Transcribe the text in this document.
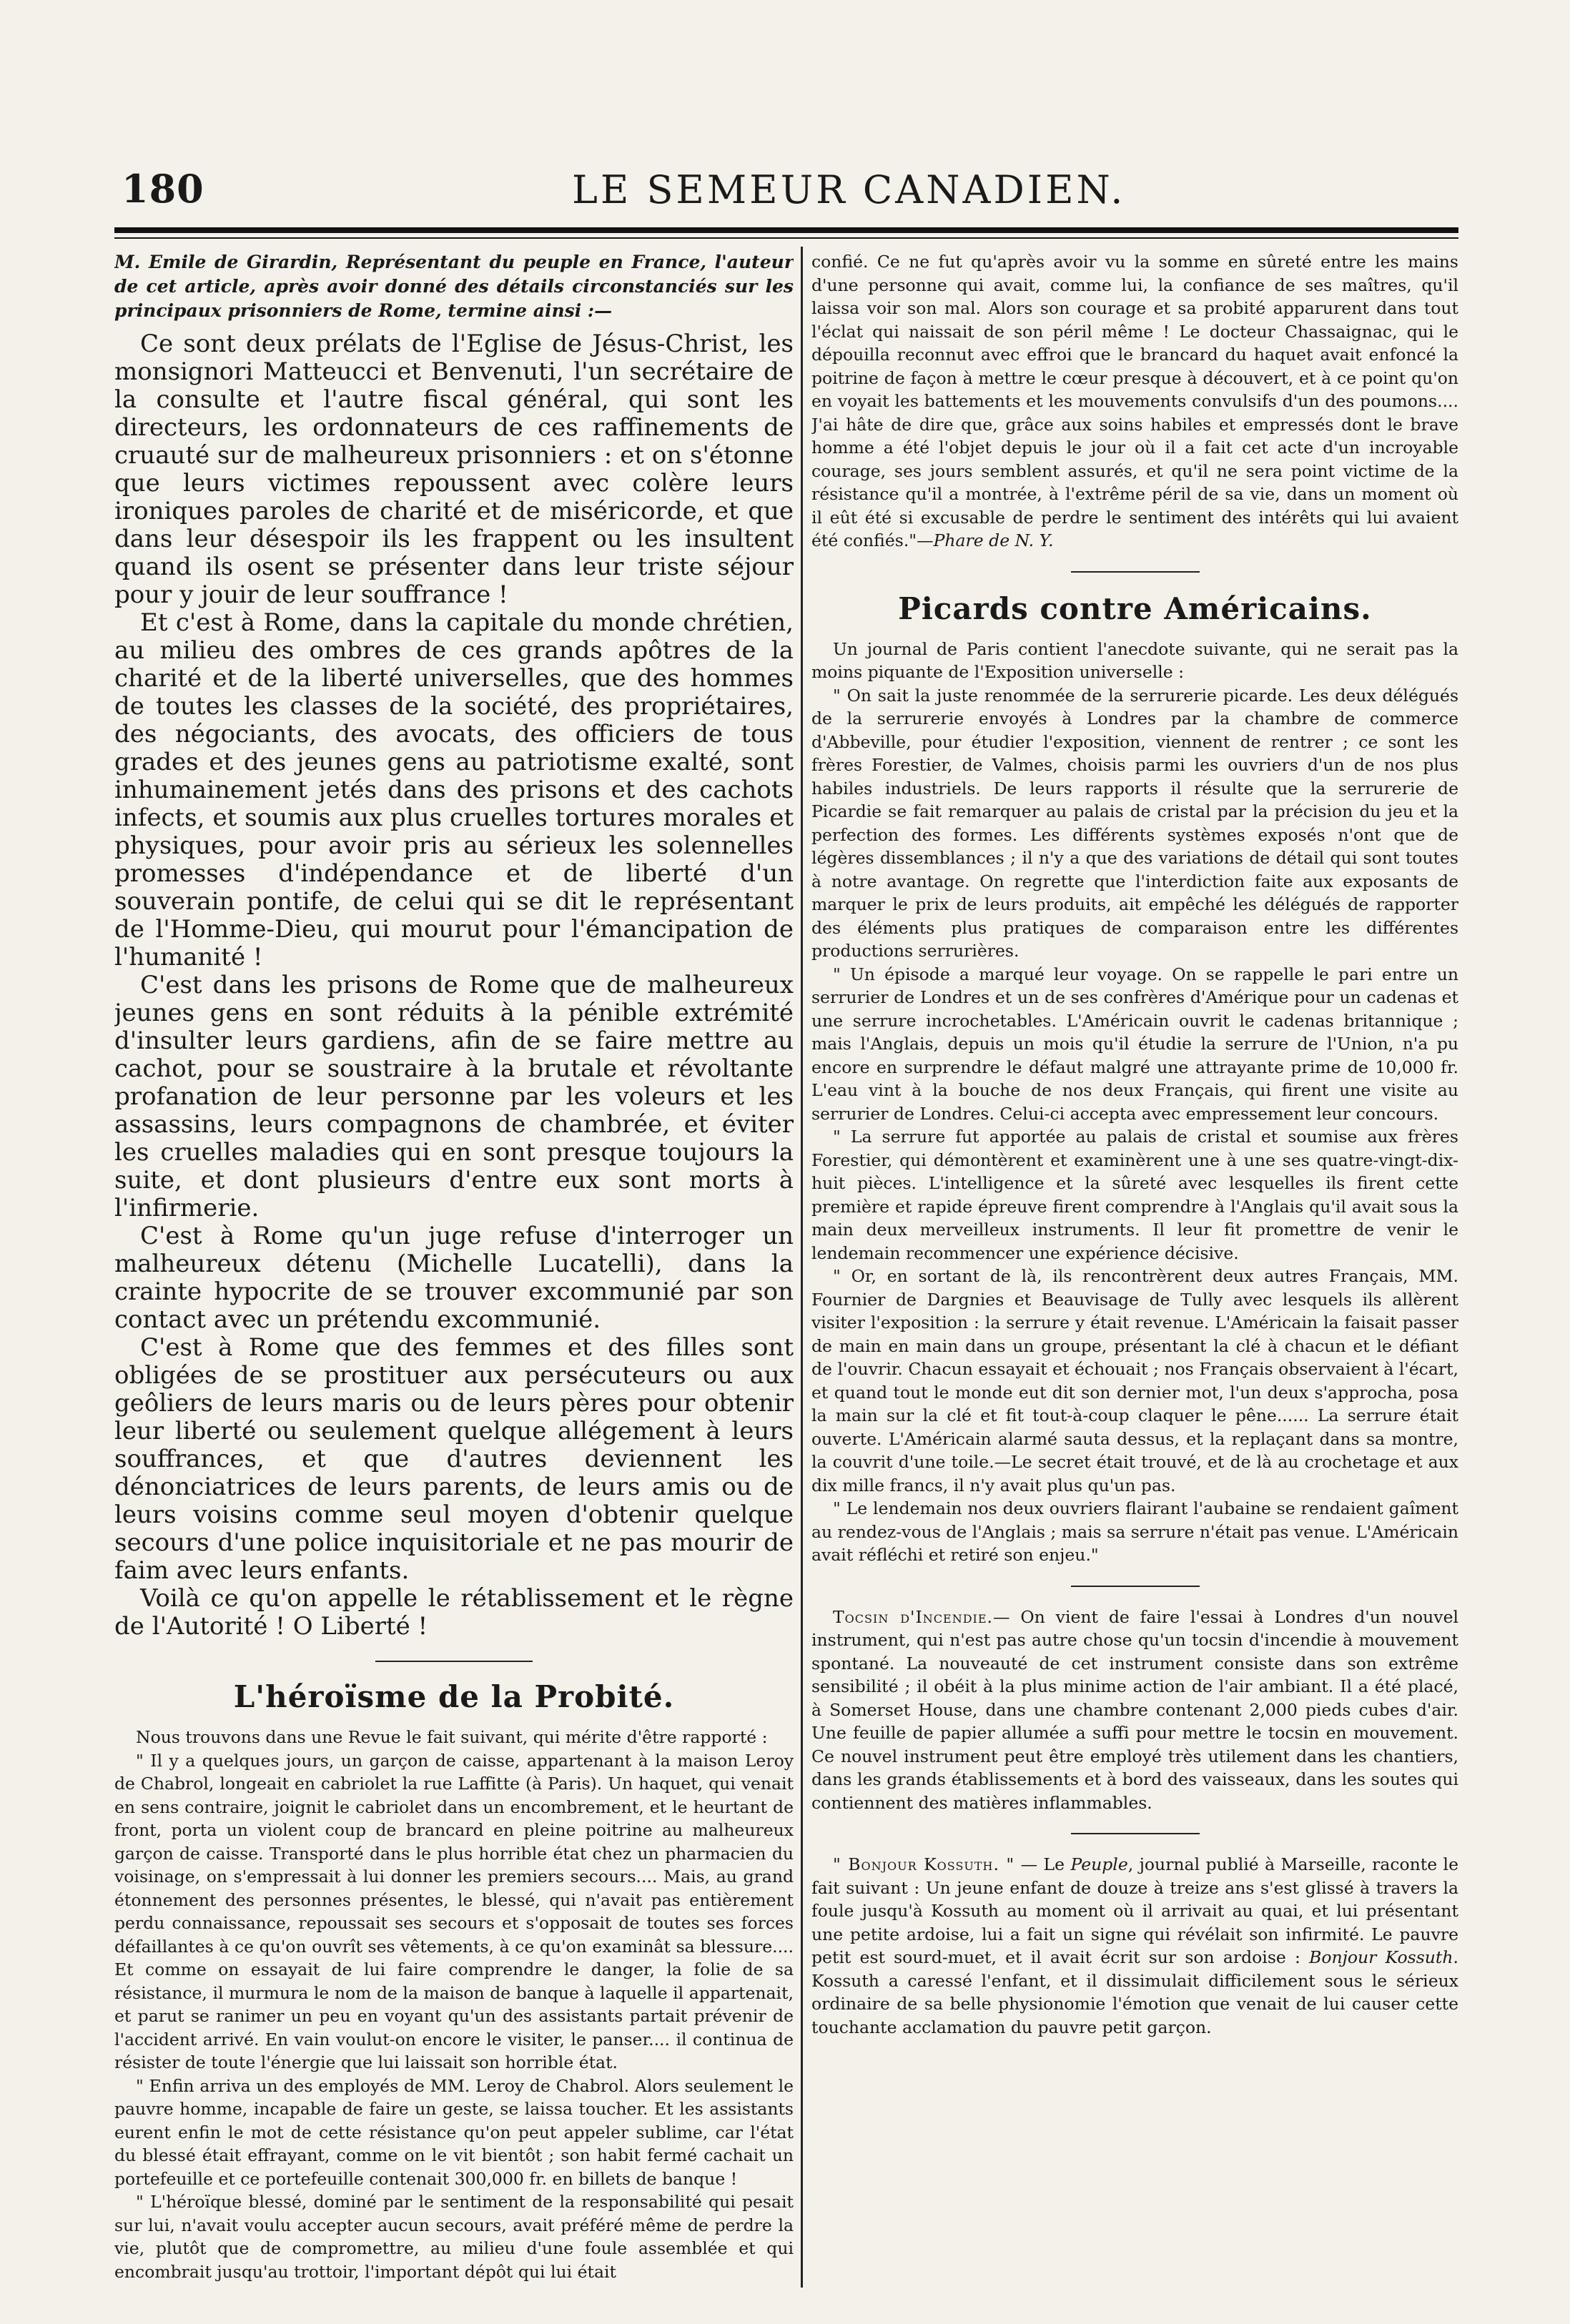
180	LE SEMEUR CANADIEN.

M. Emile de Girardin, Représentant du peuple en France, l'auteur de cet article, après avoir donné des détails circonstanciés sur les principaux prisonniers de Rome, termine ainsi :—

Ce sont deux prélats de l'Eglise de Jésus-Christ, les monsignori Matteucci et Benvenuti, l'un secrétaire de la consulte et l'autre fiscal général, qui sont les directeurs, les ordonnateurs de ces raffinements de cruauté sur de malheureux prisonniers : et on s'étonne que leurs victimes repoussent avec colère leurs ironiques paroles de charité et de miséricorde, et que dans leur désespoir ils les frappent ou les insultent quand ils osent se présenter dans leur triste séjour pour y jouir de leur souffrance !

Et c'est à Rome, dans la capitale du monde chrétien, au milieu des ombres de ces grands apôtres de la charité et de la liberté universelles, que des hommes de toutes les classes de la société, des propriétaires, des négociants, des avocats, des officiers de tous grades et des jeunes gens au patriotisme exalté, sont inhumainement jetés dans des prisons et des cachots infects, et soumis aux plus cruelles tortures morales et physiques, pour avoir pris au sérieux les solennelles promesses d'indépendance et de liberté d'un souverain pontife, de celui qui se dit le représentant de l'Homme-Dieu, qui mourut pour l'émancipation de l'humanité !

C'est dans les prisons de Rome que de malheureux jeunes gens en sont réduits à la pénible extrémité d'insulter leurs gardiens, afin de se faire mettre au cachot, pour se soustraire à la brutale et révoltante profanation de leur personne par les voleurs et les assassins, leurs compagnons de chambrée, et éviter les cruelles maladies qui en sont presque toujours la suite, et dont plusieurs d'entre eux sont morts à l'infirmerie.

C'est à Rome qu'un juge refuse d'interroger un malheureux détenu (Michelle Lucatelli), dans la crainte hypocrite de se trouver excommunié par son contact avec un prétendu excommunié.

C'est à Rome que des femmes et des filles sont obligées de se prostituer aux persécuteurs ou aux geôliers de leurs maris ou de leurs pères pour obtenir leur liberté ou seulement quelque allégement à leurs souffrances, et que d'autres deviennent les dénonciatrices de leurs parents, de leurs amis ou de leurs voisins comme seul moyen d'obtenir quelque secours d'une police inquisitoriale et ne pas mourir de faim avec leurs enfants.

Voilà ce qu'on appelle le rétablissement et le règne de l'Autorité ! O Liberté !

L'héroïsme de la Probité.

Nous trouvons dans une Revue le fait suivant, qui mérite d'être rapporté :

" Il y a quelques jours, un garçon de caisse, appartenant à la maison Leroy de Chabrol, longeait en cabriolet la rue Laffitte (à Paris). Un haquet, qui venait en sens contraire, joignit le cabriolet dans un encombrement, et le heurtant de front, porta un violent coup de brancard en pleine poitrine au malheureux garçon de caisse. Transporté dans le plus horrible état chez un pharmacien du voisinage, on s'empressait à lui donner les premiers secours.... Mais, au grand étonnement des personnes présentes, le blessé, qui n'avait pas entièrement perdu connaissance, repoussait ses secours et s'opposait de toutes ses forces défaillantes à ce qu'on ouvrît ses vêtements, à ce qu'on examinât sa blessure.... Et comme on essayait de lui faire comprendre le danger, la folie de sa résistance, il murmura le nom de la maison de banque à laquelle il appartenait, et parut se ranimer un peu en voyant qu'un des assistants partait prévenir de l'accident arrivé. En vain voulut-on encore le visiter, le panser.... il continua de résister de toute l'énergie que lui laissait son horrible état.

" Enfin arriva un des employés de MM. Leroy de Chabrol. Alors seulement le pauvre homme, incapable de faire un geste, se laissa toucher. Et les assistants eurent enfin le mot de cette résistance qu'on peut appeler sublime, car l'état du blessé était effrayant, comme on le vit bientôt ; son habit fermé cachait un portefeuille et ce portefeuille contenait 300,000 fr. en billets de banque !

" L'héroïque blessé, dominé par le sentiment de la responsabilité qui pesait sur lui, n'avait voulu accepter aucun secours, avait préféré même de perdre la vie, plutôt que de compromettre, au milieu d'une foule assemblée et qui encombrait jusqu'au trottoir, l'important dépôt qui lui était

confié. Ce ne fut qu'après avoir vu la somme en sûreté entre les mains d'une personne qui avait, comme lui, la confiance de ses maîtres, qu'il laissa voir son mal. Alors son courage et sa probité apparurent dans tout l'éclat qui naissait de son péril même ! Le docteur Chassaignac, qui le dépouilla reconnut avec effroi que le brancard du haquet avait enfoncé la poitrine de façon à mettre le cœur presque à découvert, et à ce point qu'on en voyait les battements et les mouvements convulsifs d'un des poumons.... J'ai hâte de dire que, grâce aux soins habiles et empressés dont le brave homme a été l'objet depuis le jour où il a fait cet acte d'un incroyable courage, ses jours semblent assurés, et qu'il ne sera point victime de la résistance qu'il a montrée, à l'extrême péril de sa vie, dans un moment où il eût été si excusable de perdre le sentiment des intérêts qui lui avaient été confiés."—Phare de N. Y.

Picards contre Américains.

Un journal de Paris contient l'anecdote suivante, qui ne serait pas la moins piquante de l'Exposition universelle :

" On sait la juste renommée de la serrurerie picarde. Les deux délégués de la serrurerie envoyés à Londres par la chambre de commerce d'Abbeville, pour étudier l'exposition, viennent de rentrer ; ce sont les frères Forestier, de Valmes, choisis parmi les ouvriers d'un de nos plus habiles industriels. De leurs rapports il résulte que la serrurerie de Picardie se fait remarquer au palais de cristal par la précision du jeu et la perfection des formes. Les différents systèmes exposés n'ont que de légères dissemblances ; il n'y a que des variations de détail qui sont toutes à notre avantage. On regrette que l'interdiction faite aux exposants de marquer le prix de leurs produits, ait empêché les délégués de rapporter des éléments plus pratiques de comparaison entre les différentes productions serrurières.

" Un épisode a marqué leur voyage. On se rappelle le pari entre un serrurier de Londres et un de ses confrères d'Amérique pour un cadenas et une serrure incrochetables. L'Américain ouvrit le cadenas britannique ; mais l'Anglais, depuis un mois qu'il étudie la serrure de l'Union, n'a pu encore en surprendre le défaut malgré une attrayante prime de 10,000 fr. L'eau vint à la bouche de nos deux Français, qui firent une visite au serrurier de Londres. Celui-ci accepta avec empressement leur concours.

" La serrure fut apportée au palais de cristal et soumise aux frères Forestier, qui démontèrent et examinèrent une à une ses quatre-vingt-dix-huit pièces. L'intelligence et la sûreté avec lesquelles ils firent cette première et rapide épreuve firent comprendre à l'Anglais qu'il avait sous la main deux merveilleux instruments. Il leur fit promettre de venir le lendemain recommencer une expérience décisive.

" Or, en sortant de là, ils rencontrèrent deux autres Français, MM. Fournier de Dargnies et Beauvisage de Tully avec lesquels ils allèrent visiter l'exposition : la serrure y était revenue. L'Américain la faisait passer de main en main dans un groupe, présentant la clé à chacun et le défiant de l'ouvrir. Chacun essayait et échouait ; nos Français observaient à l'écart, et quand tout le monde eut dit son dernier mot, l'un deux s'approcha, posa la main sur la clé et fit tout-à-coup claquer le pêne...... La serrure était ouverte. L'Américain alarmé sauta dessus, et la replaçant dans sa montre, la couvrit d'une toile.—Le secret était trouvé, et de là au crochetage et aux dix mille francs, il n'y avait plus qu'un pas.

" Le lendemain nos deux ouvriers flairant l'aubaine se rendaient gaîment au rendez-vous de l'Anglais ; mais sa serrure n'était pas venue. L'Américain avait réfléchi et retiré son enjeu."

Tocsin d'Incendie.— On vient de faire l'essai à Londres d'un nouvel instrument, qui n'est pas autre chose qu'un tocsin d'incendie à mouvement spontané. La nouveauté de cet instrument consiste dans son extrême sensibilité ; il obéit à la plus minime action de l'air ambiant. Il a été placé, à Somerset House, dans une chambre contenant 2,000 pieds cubes d'air. Une feuille de papier allumée a suffi pour mettre le tocsin en mouvement. Ce nouvel instrument peut être employé très utilement dans les chantiers, dans les grands établissements et à bord des vaisseaux, dans les soutes qui contiennent des matières inflammables.

" Bonjour Kossuth. " — Le Peuple, journal publié à Marseille, raconte le fait suivant : Un jeune enfant de douze à treize ans s'est glissé à travers la foule jusqu'à Kossuth au moment où il arrivait au quai, et lui présentant une petite ardoise, lui a fait un signe qui révélait son infirmité. Le pauvre petit est sourd-muet, et il avait écrit sur son ardoise : Bonjour Kossuth. Kossuth a caressé l'enfant, et il dissimulait difficilement sous le sérieux ordinaire de sa belle physionomie l'émotion que venait de lui causer cette touchante acclamation du pauvre petit garçon.
